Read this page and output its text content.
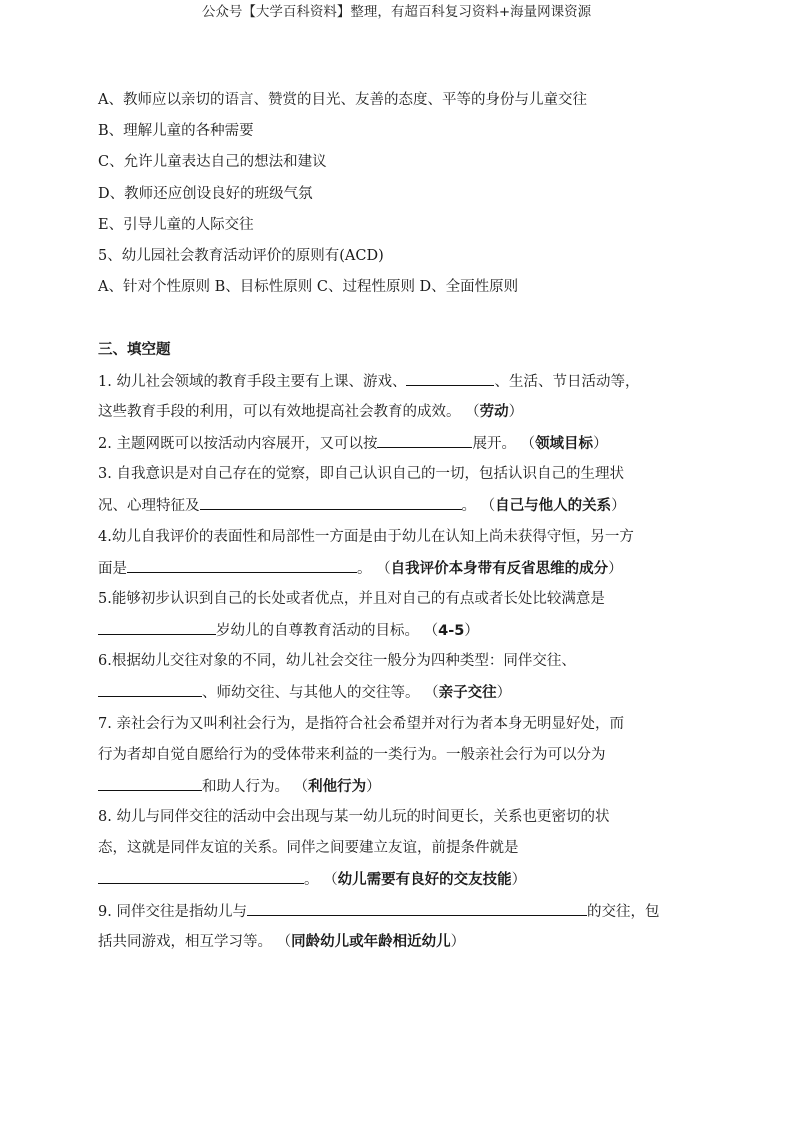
公众号【大学百科资料】整理，有超百科复习资料+海量网课资源
A、教师应以亲切的语言、赞赏的目光、友善的态度、平等的身份与儿童交往
B、理解儿童的各种需要
C、允许儿童表达自己的想法和建议
D、教师还应创设良好的班级气氛
E、引导儿童的人际交往
5、幼儿园社会教育活动评价的原则有(ACD)
A、针对个性原则 B、目标性原则 C、过程性原则 D、全面性原则
三、填空题
1. 幼儿社会领域的教育手段主要有上课、游戏、	、生活、节日活动等，
这些教育手段的利用，可以有效地提高社会教育的成效。 （劳动）
2. 主题网既可以按活动内容展开，又可以按	展开。 （领域目标）
3. 自我意识是对自己存在的觉察，即自己认识自己的一切，包括认识自己的生理状
况、心理特征及	。 （自己与他人的关系）
4.幼儿自我评价的表面性和局部性一方面是由于幼儿在认知上尚未获得守恒，另一方
面是	。 （自我评价本身带有反省思维的成分）
5.能够初步认识到自己的长处或者优点，并且对自己的有点或者长处比较满意是
岁幼儿的自尊教育活动的目标。 （4-5）
6.根据幼儿交往对象的不同，幼儿社会交往一般分为四种类型：同伴交往、
、师幼交往、与其他人的交往等。 （亲子交往）
7. 亲社会行为又叫利社会行为，是指符合社会希望并对行为者本身无明显好处，而
行为者却自觉自愿给行为的受体带来利益的一类行为。一般亲社会行为可以分为
和助人行为。 （利他行为）
8. 幼儿与同伴交往的活动中会出现与某一幼儿玩的时间更长，关系也更密切的状
态，这就是同伴友谊的关系。同伴之间要建立友谊，前提条件就是
。 （幼儿需要有良好的交友技能）
9. 同伴交往是指幼儿与	的交往，包
括共同游戏，相互学习等。 （同龄幼儿或年龄相近幼儿）
